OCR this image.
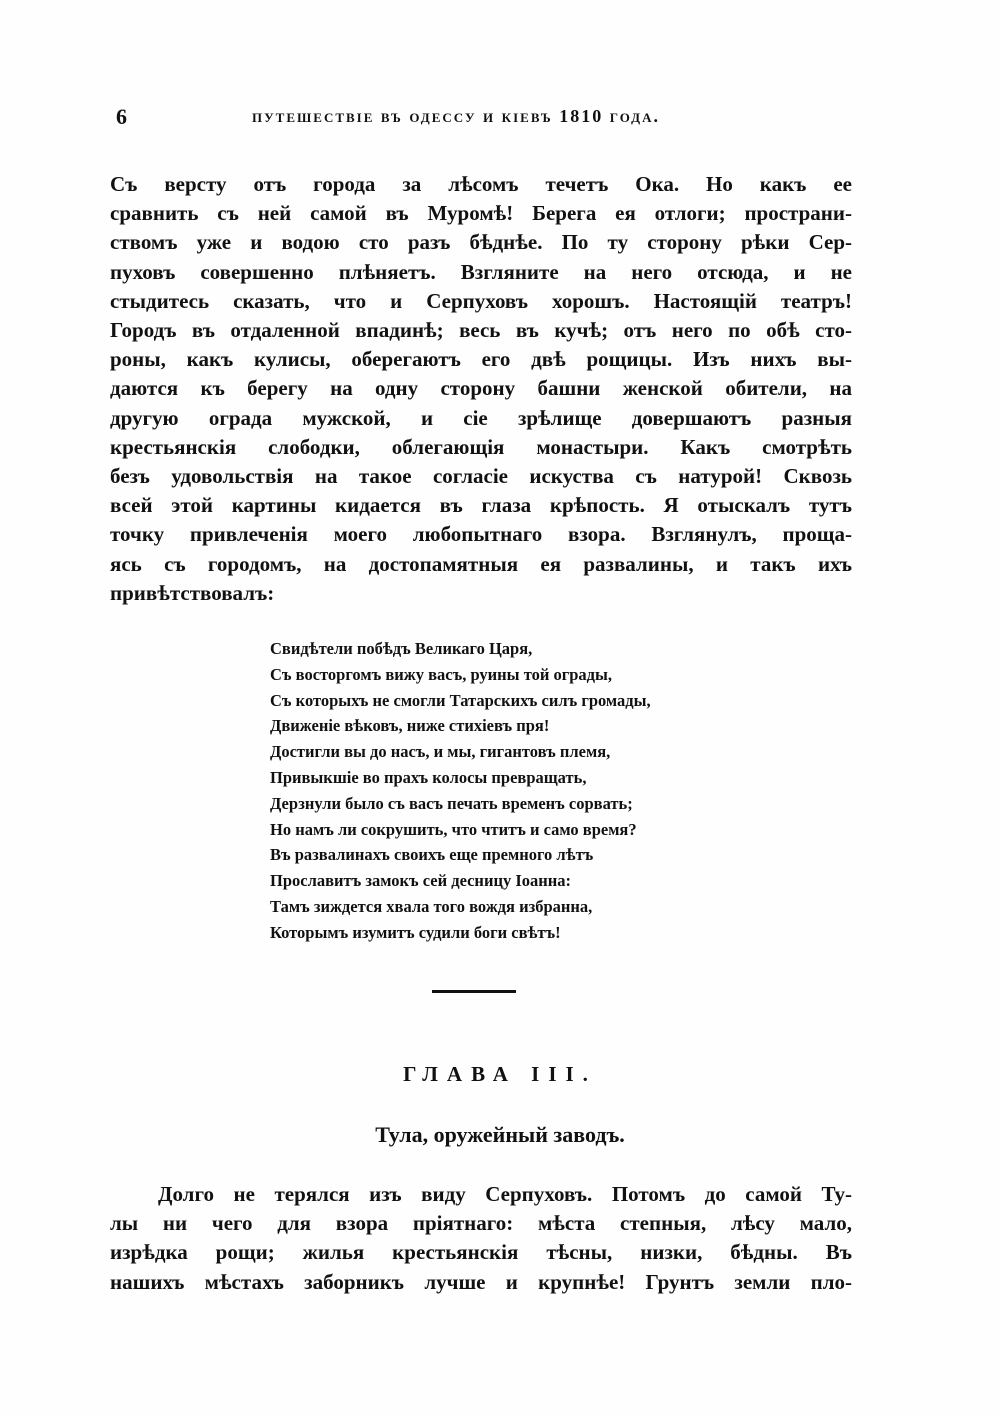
6	путешествіе въ одессу и кіевъ 1810 года.
Съ версту отъ города за лѣсомъ течетъ Ока. Но какъ ее
сравнить съ ней самой въ Муромѣ! Берега ея отлоги; пространи-
ствомъ уже и водою сто разъ бѣднѣе. По ту сторону рѣки Сер-
пуховъ совершенно плѣняетъ. Взгляните на него отсюда, и не
стыдитесь сказать, что и Серпуховъ хорошъ. Настоящій театръ!
Городъ въ отдаленной впадинѣ; весь въ кучѣ; отъ него по обѣ сто-
роны, какъ кулисы, оберегаютъ его двѣ рощицы. Изъ нихъ вы-
даются къ берегу на одну сторону башни женской обители, на
другую ограда мужской, и сіе зрѣлище довершаютъ разныя
крестьянскія слободки, облегающія монастыри. Какъ смотрѣть
безъ удовольствія на такое согласіе искуства съ натурой! Сквозь
всей этой картины кидается въ глаза крѣпость. Я отыскалъ тутъ
точку привлеченія моего любопытнаго взора. Взглянулъ, проща-
ясь съ городомъ, на достопамятныя ея развалины, и такъ ихъ
привѣтствовалъ:
Свидѣтели побѣдъ Великаго Царя,
Съ восторгомъ вижу васъ, руины той ограды,
Съ которыхъ не смогли Татарскихъ силъ громады,
Движеніе вѣковъ, ниже стихіевъ пря!
Достигли вы до насъ, и мы, гигантовъ племя,
Привыкшіе во прахъ колосы превращать,
Дерзнули было съ васъ печать временъ сорвать;
Но намъ ли сокрушить, что чтитъ и само время?
Въ развалинахъ своихъ еще премного лѣтъ
Прославитъ замокъ сей десницу Іоанна:
Тамъ зиждется хвала того вождя избранна,
Которымъ изумитъ судили боги свѣтъ!
ГЛАВА III.
Тула, оружейный заводъ.
Долго не терялся изъ виду Серпуховъ. Потомъ до самой Ту-
лы ни чего для взора пріятнаго: мѣста степныя, лѣсу мало,
изрѣдка рощи; жилья крестьянскія тѣсны, низки, бѣдны. Въ
нашихъ мѣстахъ заборникъ лучше и крупнѣе! Грунтъ земли пло-
